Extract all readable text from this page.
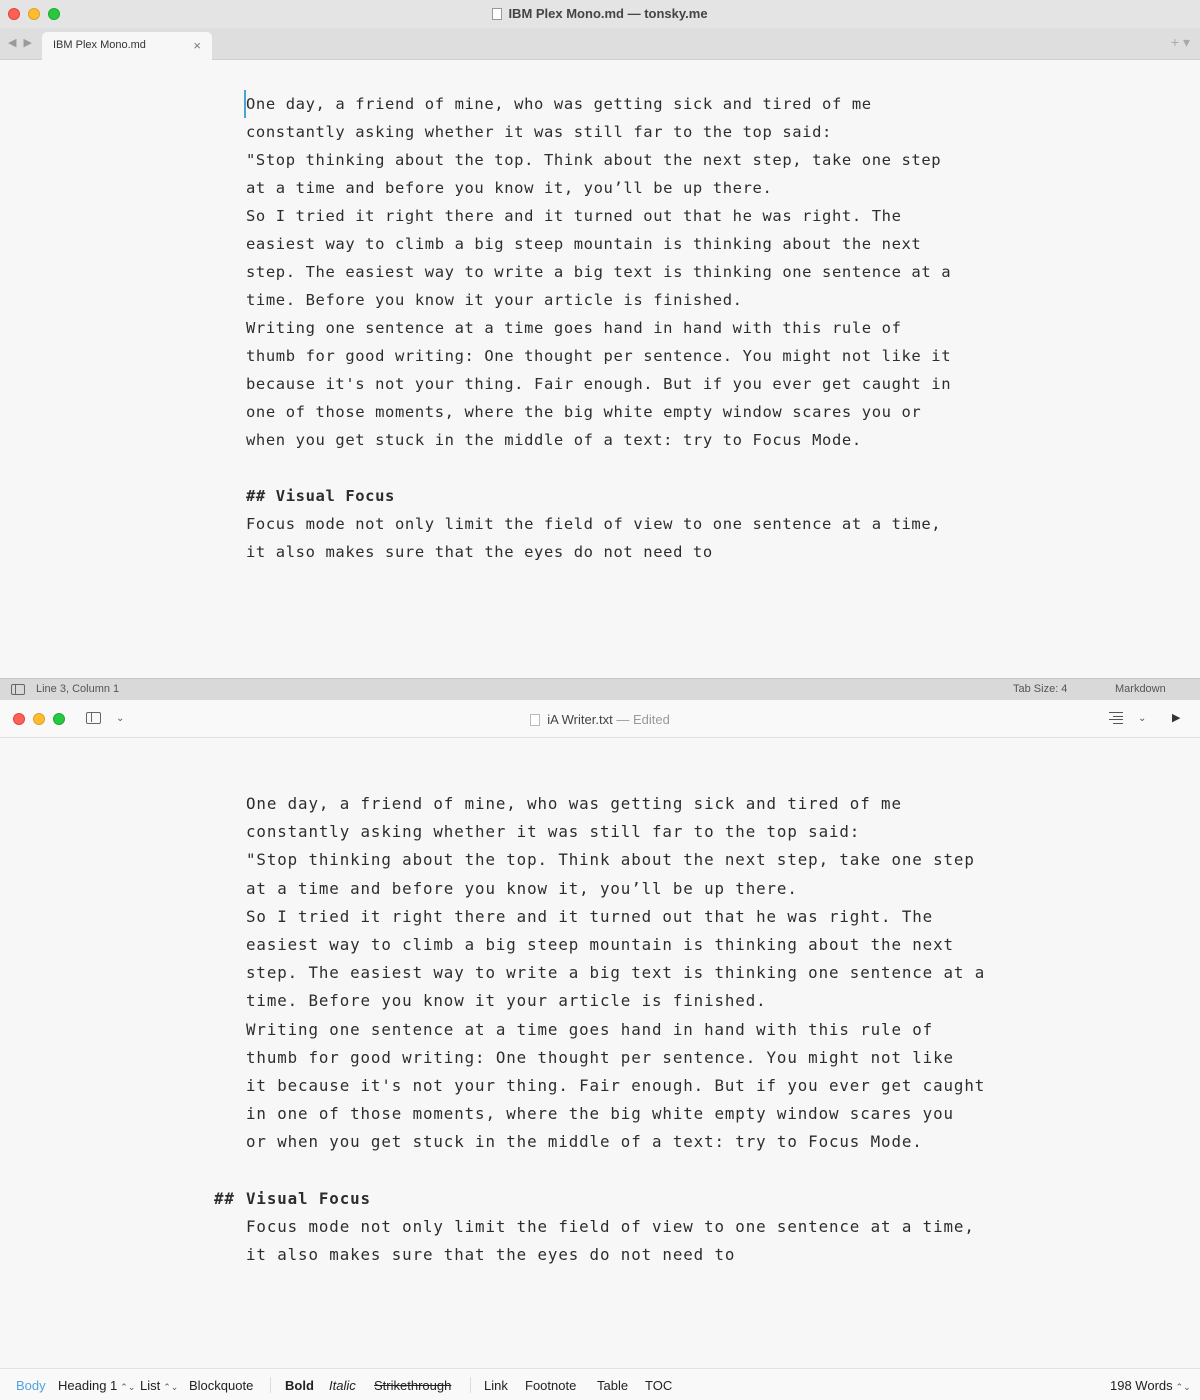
IBM Plex Mono.md — tonsky.me
◀ ▶ IBM Plex Mono.md	×	+ ▾
One day, a friend of mine, who was getting sick and tired of me
constantly asking whether it was still far to the top said:
"Stop thinking about the top. Think about the next step, take one step
at a time and before you know it, you’ll be up there.
So I tried it right there and it turned out that he was right. The
easiest way to climb a big steep mountain is thinking about the next
step. The easiest way to write a big text is thinking one sentence at a
time. Before you know it your article is finished.
Writing one sentence at a time goes hand in hand with this rule of
thumb for good writing: One thought per sentence. You might not like it
because it's not your thing. Fair enough. But if you ever get caught in
one of those moments, where the big white empty window scares you or
when you get stuck in the middle of a text: try to Focus Mode.
## Visual Focus
Focus mode not only limit the field of view to one sentence at a time,
it also makes sure that the eyes do not need to
Line 3, Column 1	Tab Size: 4	Markdown
⌄	iA Writer.txt — Edited	⌄ ▶
One day, a friend of mine, who was getting sick and tired of me
constantly asking whether it was still far to the top said:
"Stop thinking about the top. Think about the next step, take one step
at a time and before you know it, you’ll be up there.
So I tried it right there and it turned out that he was right. The
easiest way to climb a big steep mountain is thinking about the next
step. The easiest way to write a big text is thinking one sentence at a
time. Before you know it your article is finished.
Writing one sentence at a time goes hand in hand with this rule of
thumb for good writing: One thought per sentence. You might not like
it because it's not your thing. Fair enough. But if you ever get caught
in one of those moments, where the big white empty window scares you
or when you get stuck in the middle of a text: try to Focus Mode.
## Visual Focus
Focus mode not only limit the field of view to one sentence at a time,
it also makes sure that the eyes do not need to
Body Heading 1 ⌃⌄ List ⌃⌄ Blockquote Bold Italic Strikethrough	Link Footnote Table TOC	198 Words ⌃⌄
